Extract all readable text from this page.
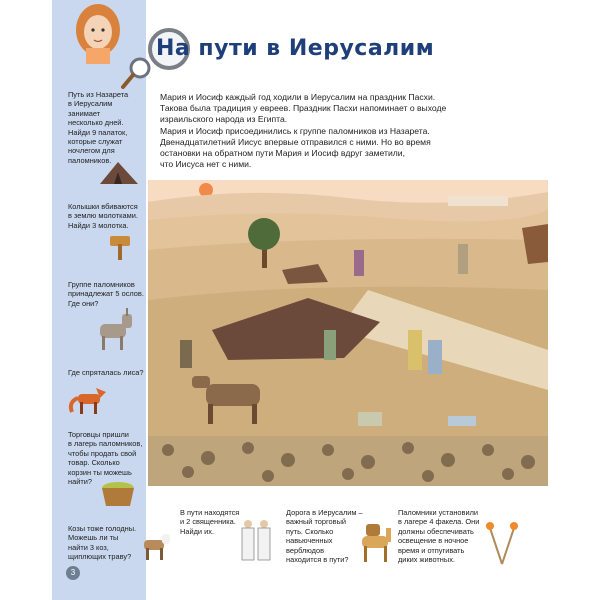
На пути в Иерусалим

Мария и Иосиф каждый год ходили в Иерусалим на праздник Пасхи.

Такова была традиция у евреев. Праздник Пасхи напоминает о выходе

израильского народа из Египта.

Мария и Иосиф присоединились к группе паломников из Назарета.

Двенадцатилетний Иисус впервые отправился с ними. Но во время

остановки на обратном пути Мария и Иосиф вдруг заметили,

что Иисуса нет с ними.

Путь из Назарета
в Иерусалим занимает
несколько дней.
Найди 9 палаток,
которые служат
ночлегом для
паломников.
Колышки вбиваются
в землю молотками.
Найди 3 молотка.
Группе паломников
принадлежат 5 ослов.
Где они?
Где спряталась лиса?
Торговцы пришли
в лагерь паломников,
чтобы продать свой
товар. Сколько
корзин ты можешь
найти?
Козы тоже голодны.
Можешь ли ты
найти 3 коз,
щиплющих траву?
В пути находятся
и 2 священника.
Найди их.
Дорога в Иерусалим –
важный торговый
путь. Сколько
навьюченных
верблюдов
находится в пути?
Паломники установили
в лагере 4 факела. Они
должны обеспечивать
освещение в ночное
время и отпугивать
диких животных.
3
